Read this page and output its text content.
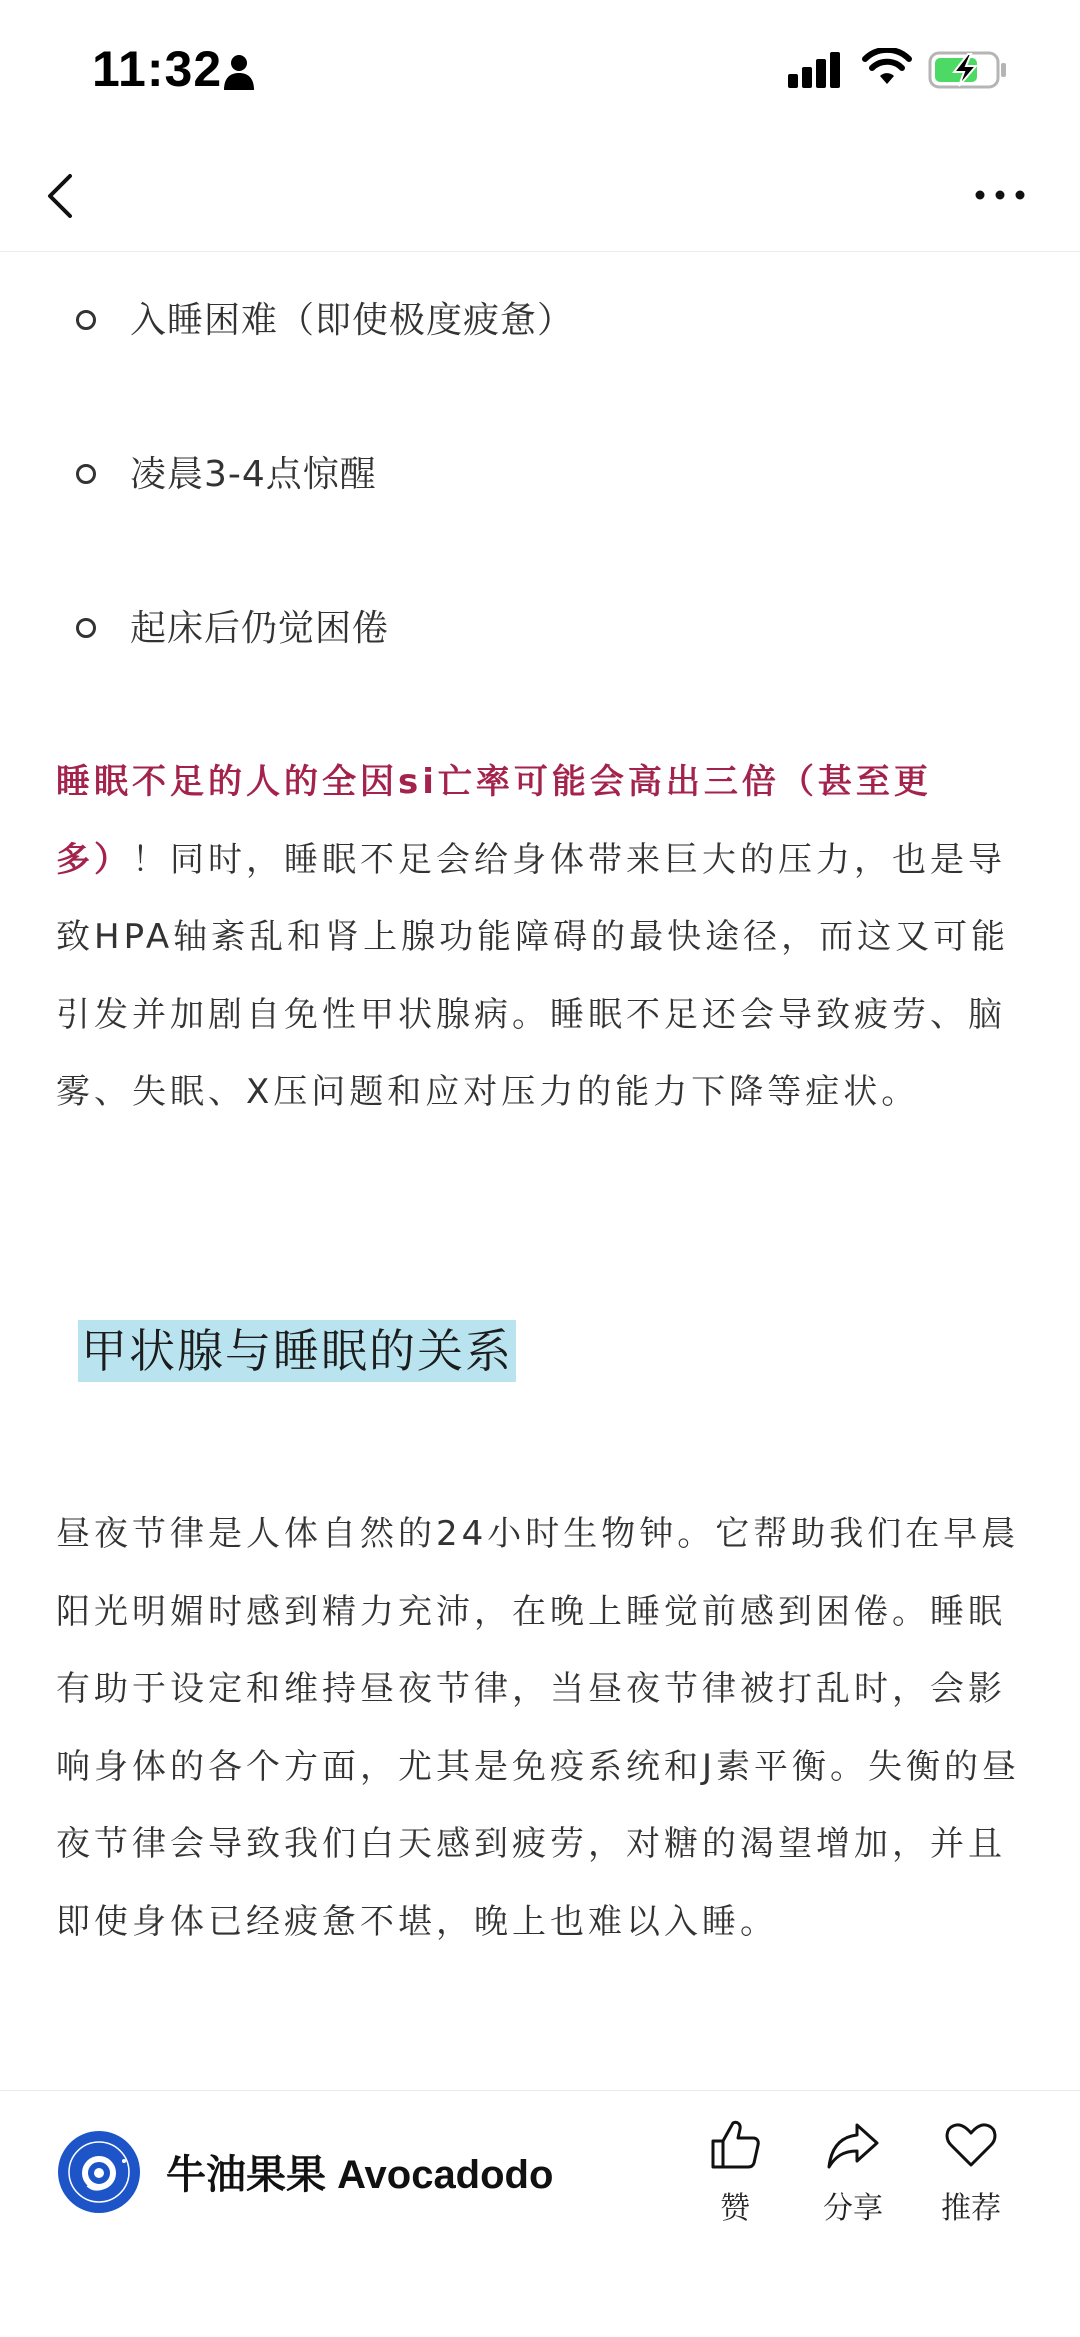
11:32
入睡困难（即使极度疲惫）
凌晨3-4点惊醒
起床后仍觉困倦

睡眠不足的人的全因si亡率可能会高出三倍（甚至更多）！同时，睡眠不足会给身体带来巨大的压力，也是导致HPA轴紊乱和肾上腺功能障碍的最快途径，而这又可能引发并加剧自免性甲状腺病。睡眠不足还会导致疲劳、脑雾、失眠、X压问题和应对压力的能力下降等症状。

甲状腺与睡眠的关系

昼夜节律是人体自然的24小时生物钟。它帮助我们在早晨阳光明媚时感到精力充沛，在晚上睡觉前感到困倦。睡眠有助于设定和维持昼夜节律，当昼夜节律被打乱时，会影响身体的各个方面，尤其是免疫系统和J素平衡。失衡的昼夜节律会导致我们白天感到疲劳，对糖的渴望增加，并且即使身体已经疲惫不堪，晚上也难以入睡。

牛油果果 Avocadodo
赞	分享	推荐
